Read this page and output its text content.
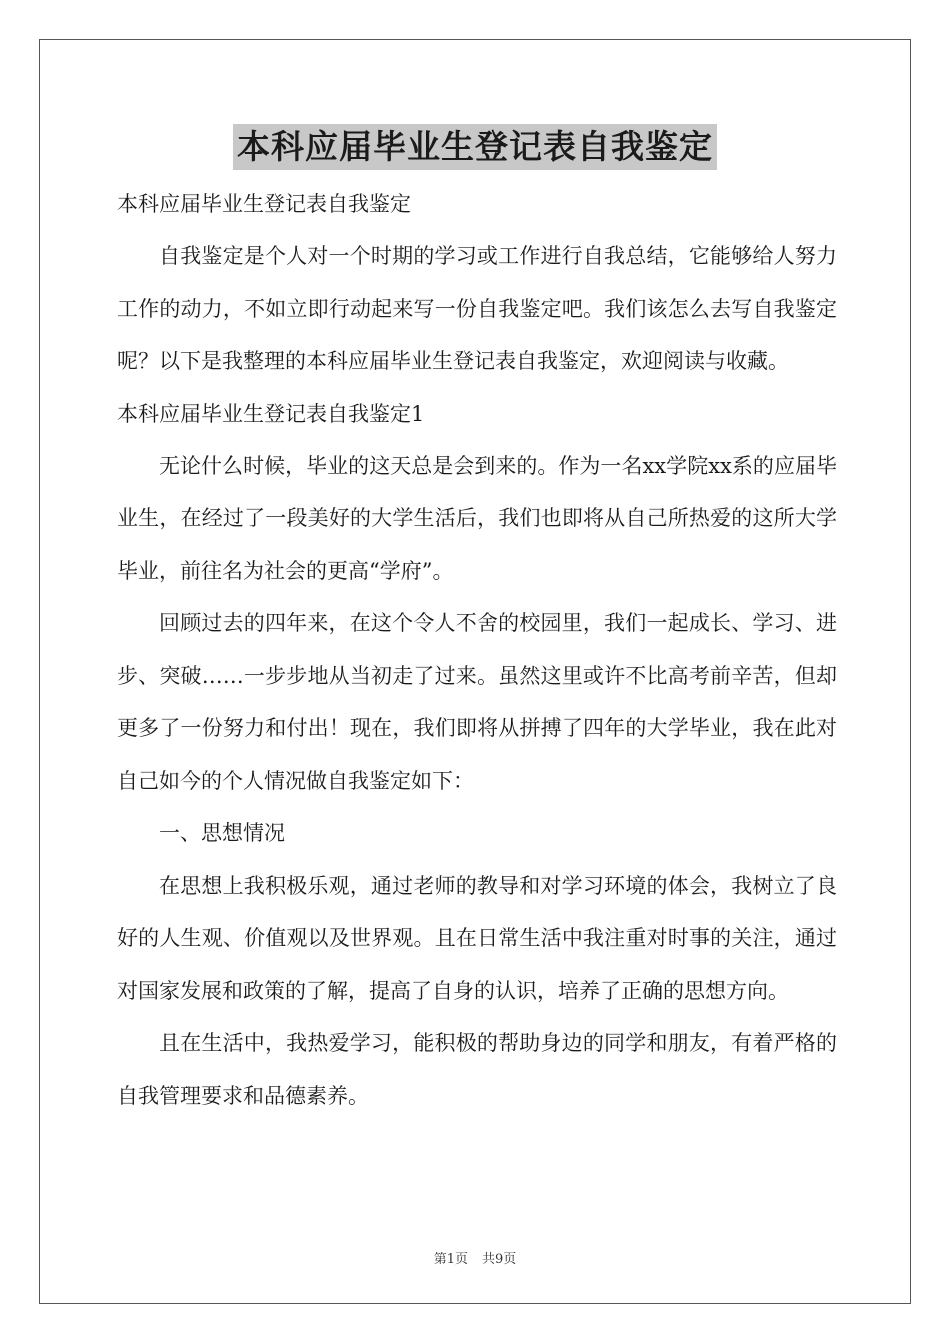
本科应届毕业生登记表自我鉴定

本科应届毕业生登记表自我鉴定

自我鉴定是个人对一个时期的学习或工作进行自我总结，它能够给人努力工作的动力，不如立即行动起来写一份自我鉴定吧。我们该怎么去写自我鉴定呢？以下是我整理的本科应届毕业生登记表自我鉴定，欢迎阅读与收藏。

本科应届毕业生登记表自我鉴定1

无论什么时候，毕业的这天总是会到来的。作为一名xx学院xx系的应届毕业生，在经过了一段美好的大学生活后，我们也即将从自己所热爱的这所大学毕业，前往名为社会的更高“学府”。

回顾过去的四年来，在这个令人不舍的校园里，我们一起成长、学习、进步、突破……一步步地从当初走了过来。虽然这里或许不比高考前辛苦，但却更多了一份努力和付出！现在，我们即将从拼搏了四年的大学毕业，我在此对自己如今的个人情况做自我鉴定如下：

一、思想情况

在思想上我积极乐观，通过老师的教导和对学习环境的体会，我树立了良好的人生观、价值观以及世界观。且在日常生活中我注重对时事的关注，通过对国家发展和政策的了解，提高了自身的认识，培养了正确的思想方向。

且在生活中，我热爱学习，能积极的帮助身边的同学和朋友，有着严格的自我管理要求和品德素养。

第1页 共9页
